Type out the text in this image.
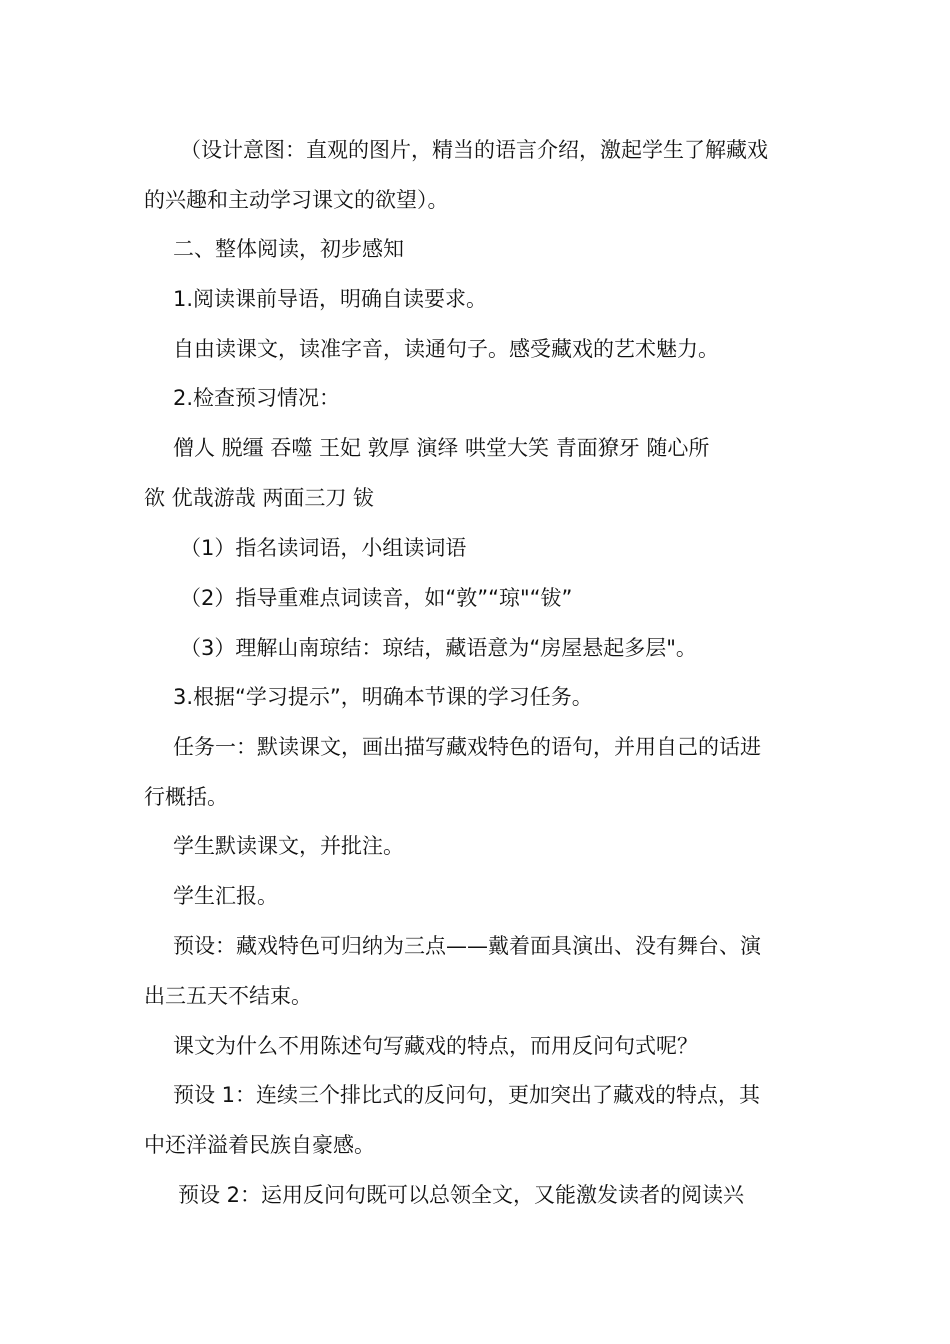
（设计意图：直观的图片，精当的语言介绍，激起学生了解藏戏
的兴趣和主动学习课文的欲望）。
二、整体阅读，初步感知
1.阅读课前导语，明确自读要求。
自由读课文，读准字音，读通句子。感受藏戏的艺术魅力。
2.检查预习情况：
僧人 脱缰 吞噬 王妃 敦厚 演绎 哄堂大笑 青面獠牙 随心所
欲 优哉游哉 两面三刀 钹
（1）指名读词语，小组读词语
（2）指导重难点词读音，如“敦”“琼"“钹”
（3）理解山南琼结：琼结，藏语意为“房屋悬起多层"。
3.根据“学习提示”，明确本节课的学习任务。
任务一：默读课文，画出描写藏戏特色的语句，并用自己的话进
行概括。
学生默读课文，并批注。
学生汇报。
预设：藏戏特色可归纳为三点——戴着面具演出、没有舞台、演
出三五天不结束。
课文为什么不用陈述句写藏戏的特点，而用反问句式呢？
预设 1：连续三个排比式的反问句，更加突出了藏戏的特点，其
中还洋溢着民族自豪感。
预设 2：运用反问句既可以总领全文，又能激发读者的阅读兴
